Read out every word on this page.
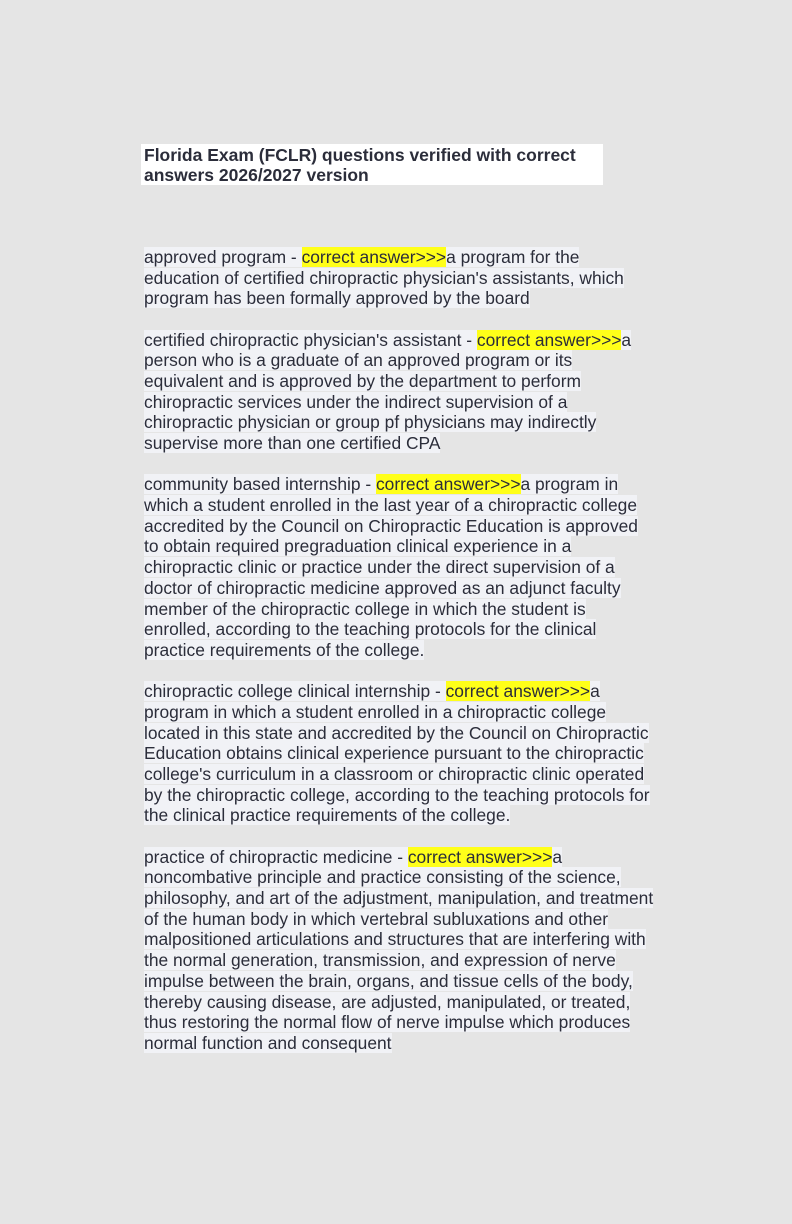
Florida Exam (FCLR) questions verified with correct answers 2026/2027 version

approved program - correct answer>>>a program for the education of certified chiropractic physician's assistants, which program has been formally approved by the board

certified chiropractic physician's assistant - correct answer>>>a person who is a graduate of an approved program or its equivalent and is approved by the department to perform chiropractic services under the indirect supervision of a chiropractic physician or group pf physicians may indirectly supervise more than one certified CPA

community based internship - correct answer>>>a program in which a student enrolled in the last year of a chiropractic college accredited by the Council on Chiropractic Education is approved to obtain required pregraduation clinical experience in a chiropractic clinic or practice under the direct supervision of a doctor of chiropractic medicine approved as an adjunct faculty member of the chiropractic college in which the student is enrolled, according to the teaching protocols for the clinical practice requirements of the college.

chiropractic college clinical internship - correct answer>>>a program in which a student enrolled in a chiropractic college located in this state and accredited by the Council on Chiropractic Education obtains clinical experience pursuant to the chiropractic college's curriculum in a classroom or chiropractic clinic operated by the chiropractic college, according to the teaching protocols for the clinical practice requirements of the college.

practice of chiropractic medicine - correct answer>>>a noncombative principle and practice consisting of the science, philosophy, and art of the adjustment, manipulation, and treatment of the human body in which vertebral subluxations and other malpositioned articulations and structures that are interfering with the normal generation, transmission, and expression of nerve impulse between the brain, organs, and tissue cells of the body, thereby causing disease, are adjusted, manipulated, or treated, thus restoring the normal flow of nerve impulse which produces normal function and consequent
